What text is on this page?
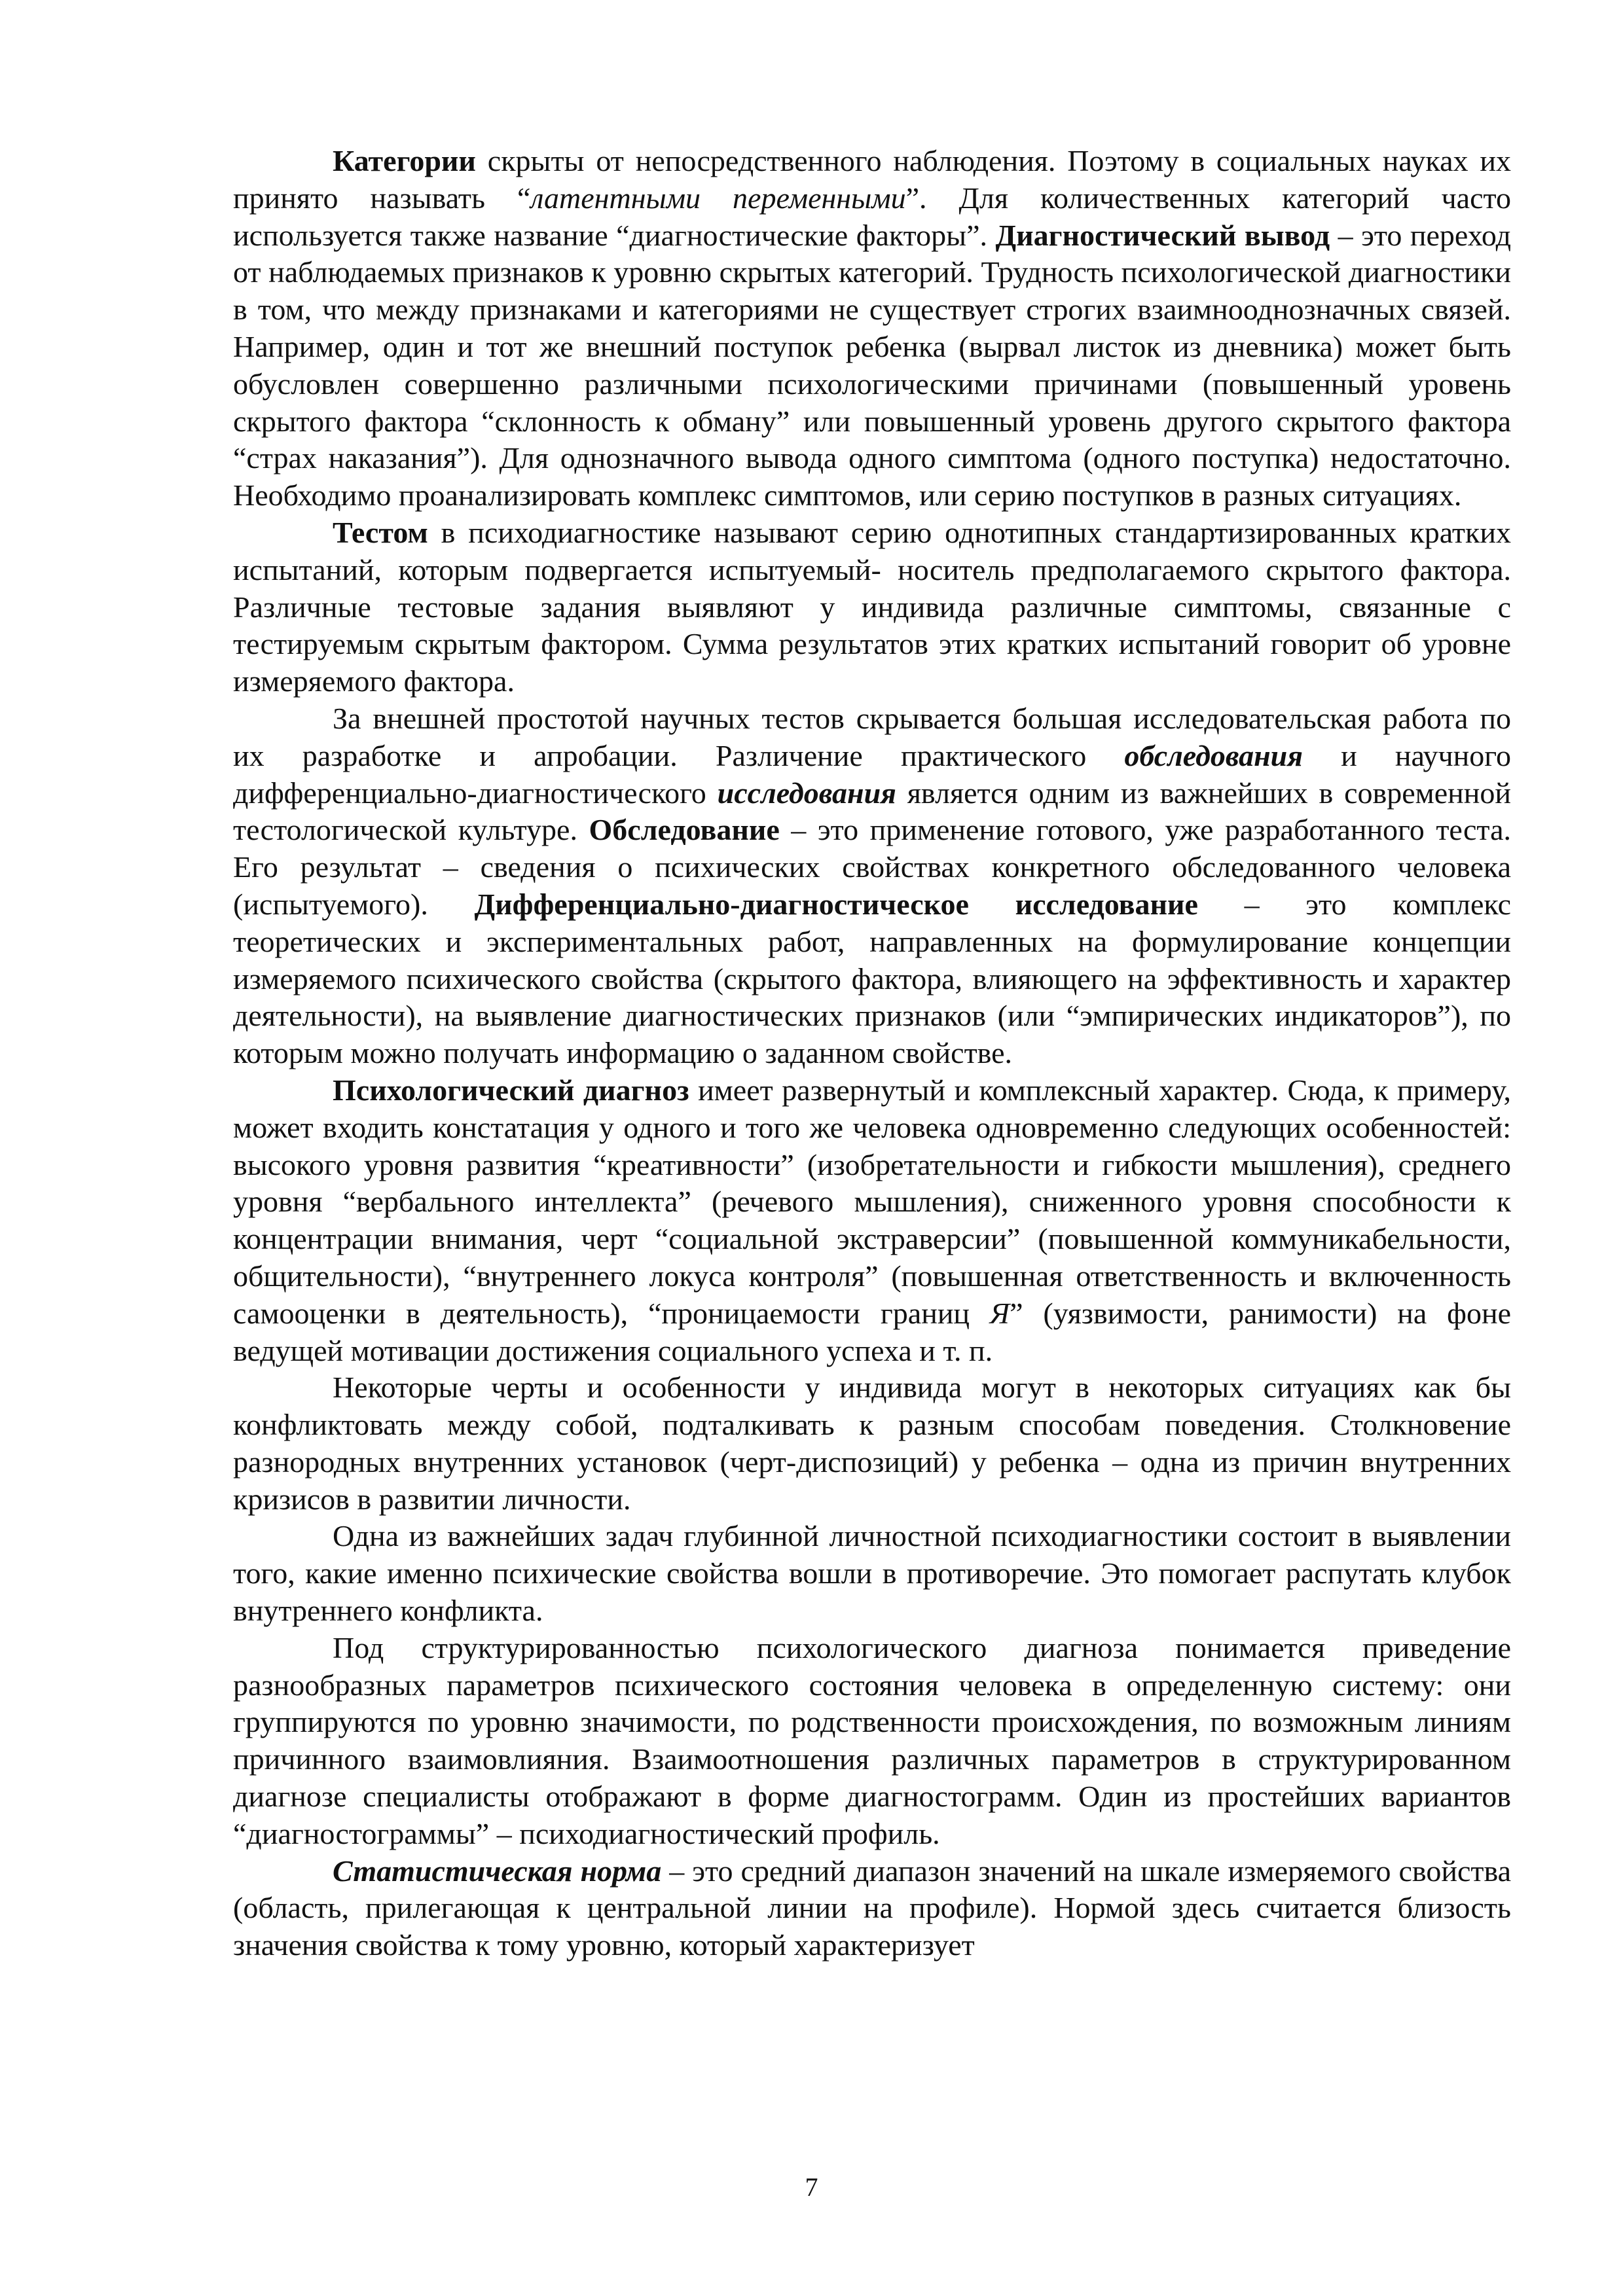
Категории скрыты от непосредственного наблюдения. Поэтому в социальных науках их принято называть “латентными переменными”. Для количественных категорий часто используется также название “диагностические факторы”. Диагностический вывод – это переход от наблюдаемых признаков к уровню скрытых категорий. Трудность психологической диагностики в том, что между признаками и категориями не существует строгих взаимнооднозначных связей. Например, один и тот же внешний поступок ребенка (вырвал листок из дневника) может быть обусловлен совершенно различными психологическими причинами (повышенный уровень скрытого фактора “склонность к обману” или повышенный уровень другого скрытого фактора “страх наказания”). Для однозначного вывода одного симптома (одного поступка) недостаточно. Необходимо проанализировать комплекс симптомов, или серию поступков в разных ситуациях.

Тестом в психодиагностике называют серию однотипных стандартизированных кратких испытаний, которым подвергается испытуемый- носитель предполагаемого скрытого фактора. Различные тестовые задания выявляют у индивида различные симптомы, связанные с тестируемым скрытым фактором. Сумма результатов этих кратких испытаний говорит об уровне измеряемого фактора.

За внешней простотой научных тестов скрывается большая исследовательская работа по их разработке и апробации. Различение практического обследования и научного дифференциально-диагностического исследования является одним из важнейших в современной тестологической культуре. Обследование – это применение готового, уже разработанного теста. Его результат – сведения о психических свойствах конкретного обследованного человека (испытуемого). Дифференциально-диагностическое исследование – это комплекс теоретических и экспериментальных работ, направленных на формулирование концепции измеряемого психического свойства (скрытого фактора, влияющего на эффективность и характер деятельности), на выявление диагностических признаков (или “эмпирических индикаторов”), по которым можно получать информацию о заданном свойстве.

Психологический диагноз имеет развернутый и комплексный характер. Сюда, к примеру, может входить констатация у одного и того же человека одновременно следующих особенностей: высокого уровня развития “креативности” (изобретательности и гибкости мышления), среднего уровня “вербального интеллекта” (речевого мышления), сниженного уровня способности к концентрации внимания, черт “социальной экстраверсии” (повышенной коммуникабельности, общительности), “внутреннего локуса контроля” (повышенная ответственность и включенность самооценки в деятельность), “проницаемости границ Я” (уязвимости, ранимости) на фоне ведущей мотивации достижения социального успеха и т. п.

Некоторые черты и особенности у индивида могут в некоторых ситуациях как бы конфликтовать между собой, подталкивать к разным способам поведения. Столкновение разнородных внутренних установок (черт-диспозиций) у ребенка – одна из причин внутренних кризисов в развитии личности.

Одна из важнейших задач глубинной личностной психодиагностики состоит в выявлении того, какие именно психические свойства вошли в противоречие. Это помогает распутать клубок внутреннего конфликта.

Под структурированностью психологического диагноза понимается приведение разнообразных параметров психического состояния человека в определенную систему: они группируются по уровню значимости, по родственности происхождения, по возможным линиям причинного взаимовлияния. Взаимоотношения различных параметров в структурированном диагнозе специалисты отображают в форме диагностограмм. Один из простейших вариантов “диагностограммы” – психодиагностический профиль.

Статистическая норма – это средний диапазон значений на шкале измеряемого свойства (область, прилегающая к центральной линии на профиле). Нормой здесь считается близость значения свойства к тому уровню, который характеризует

7
